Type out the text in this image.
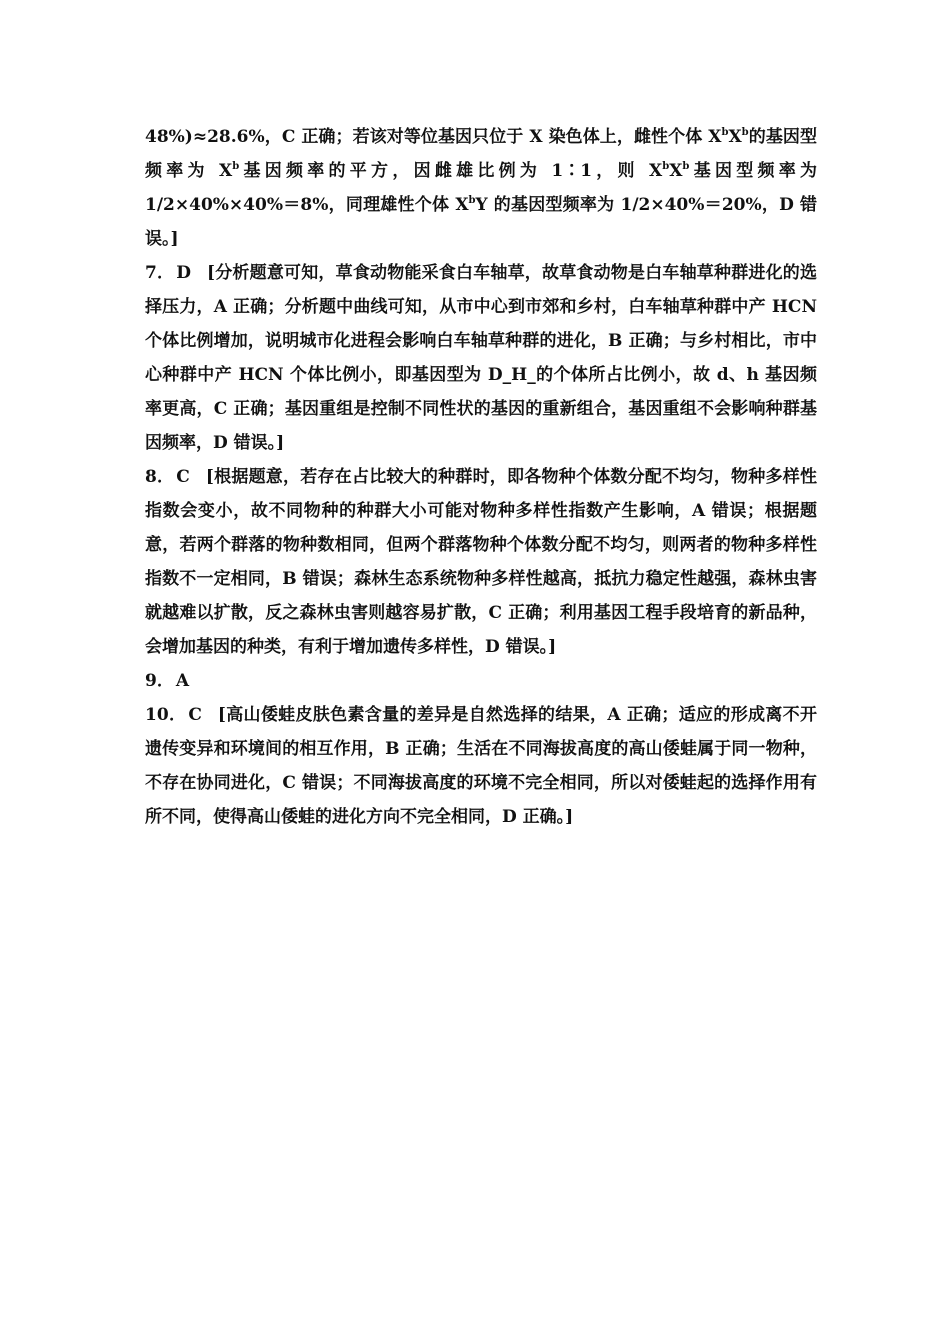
48%)≈28.6%，C 正确；若该对等位基因只位于 X 染色体上，雌性个体 $X^bX^b$的基因型频率为 $X^b$基因频率的平方，因雌雄比例为 1∶1，则 $X^bX^b$基因型频率为 1/2×40%×40%＝8%，同理雄性个体 $X^bY$ 的基因型频率为 1/2×40%＝20%，D 错误。]

7． D [分析题意可知，草食动物能采食白车轴草，故草食动物是白车轴草种群进化的选择压力，A 正确；分析题中曲线可知，从市中心到市郊和乡村，白车轴草种群中产 HCN 个体比例增加，说明城市化进程会影响白车轴草种群的进化，B 正确；与乡村相比，市中心种群中产 HCN 个体比例小，即基因型为 D_H_的个体所占比例小，故 d、h 基因频率更高，C 正确；基因重组是控制不同性状的基因的重新组合，基因重组不会影响种群基因频率，D 错误。]

8． C [根据题意，若存在占比较大的种群时，即各物种个体数分配不均匀，物种多样性指数会变小，故不同物种的种群大小可能对物种多样性指数产生影响，A 错误；根据题意，若两个群落的物种数相同，但两个群落物种个体数分配不均匀，则两者的物种多样性指数不一定相同，B 错误；森林生态系统物种多样性越高，抵抗力稳定性越强，森林虫害就越难以扩散，反之森林虫害则越容易扩散，C 正确；利用基因工程手段培育的新品种，会增加基因的种类，有利于增加遗传多样性，D 错误。]

9． A

10． C [高山倭蛙皮肤色素含量的差异是自然选择的结果，A 正确；适应的形成离不开遗传变异和环境间的相互作用，B 正确；生活在不同海拔高度的高山倭蛙属于同一物种，不存在协同进化，C 错误；不同海拔高度的环境不完全相同，所以对倭蛙起的选择作用有所不同，使得高山倭蛙的进化方向不完全相同，D 正确。]
